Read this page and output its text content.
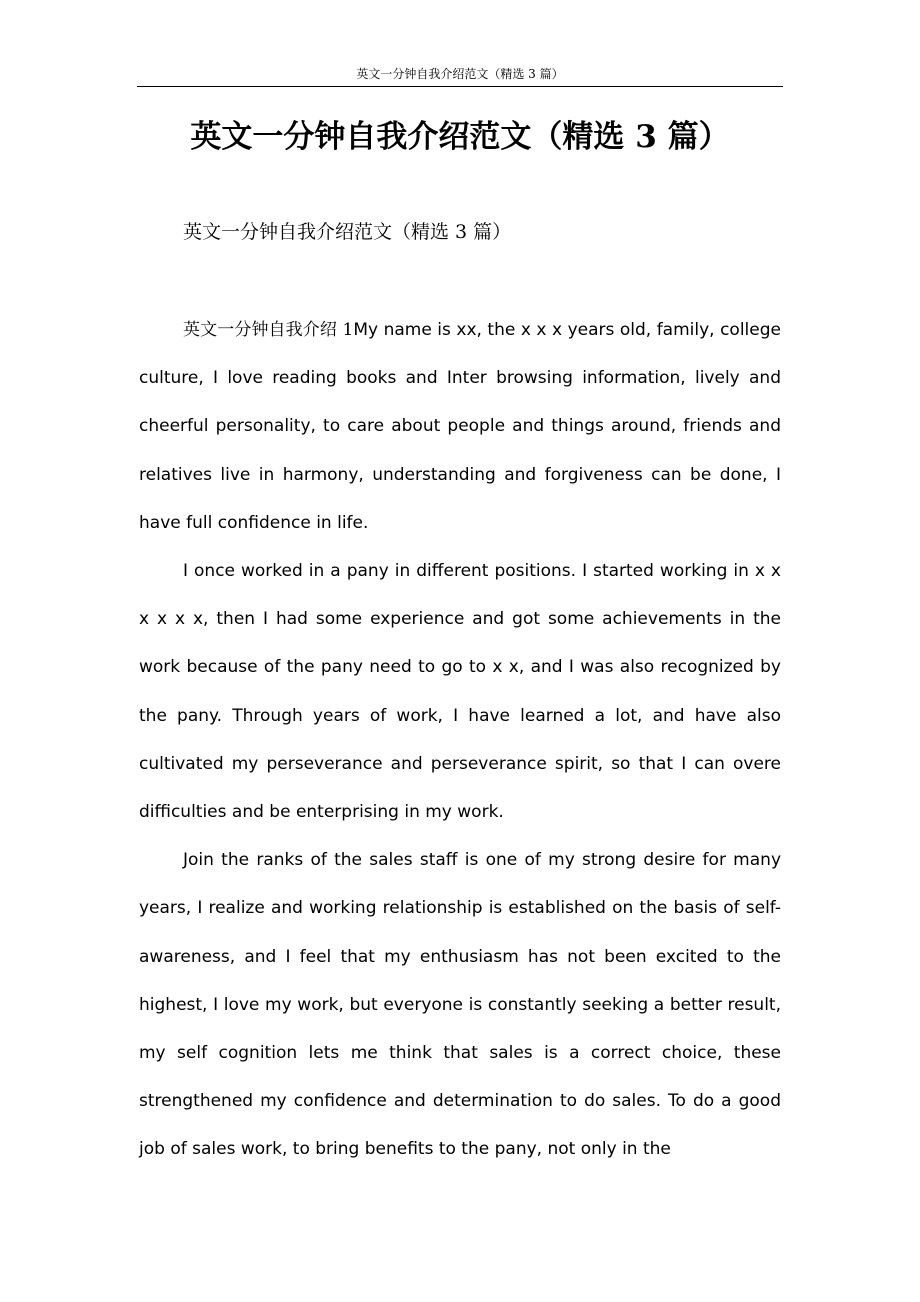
英文一分钟自我介绍范文（精选 3 篇）
英文一分钟自我介绍范文（精选 3 篇）

英文一分钟自我介绍范文（精选 3 篇）

英文一分钟自我介绍 1My name is xx, the x x x years old, family, college culture, I love reading books and Inter browsing information, lively and cheerful personality, to care about people and things around, friends and relatives live in harmony, understanding and forgiveness can be done, I have full confidence in life.

I once worked in a pany in different positions. I started working in x x x x x x, then I had some experience and got some achievements in the work because of the pany need to go to x x, and I was also recognized by the pany. Through years of work, I have learned a lot, and have also cultivated my perseverance and perseverance spirit, so that I can overe difficulties and be enterprising in my work.

Join the ranks of the sales staff is one of my strong desire for many years, I realize and working relationship is established on the basis of self-awareness, and I feel that my enthusiasm has not been excited to the highest, I love my work, but everyone is constantly seeking a better result, my self cognition lets me think that sales is a correct choice, these strengthened my confidence and determination to do sales. To do a good job of sales work, to bring benefits to the pany, not only in the
